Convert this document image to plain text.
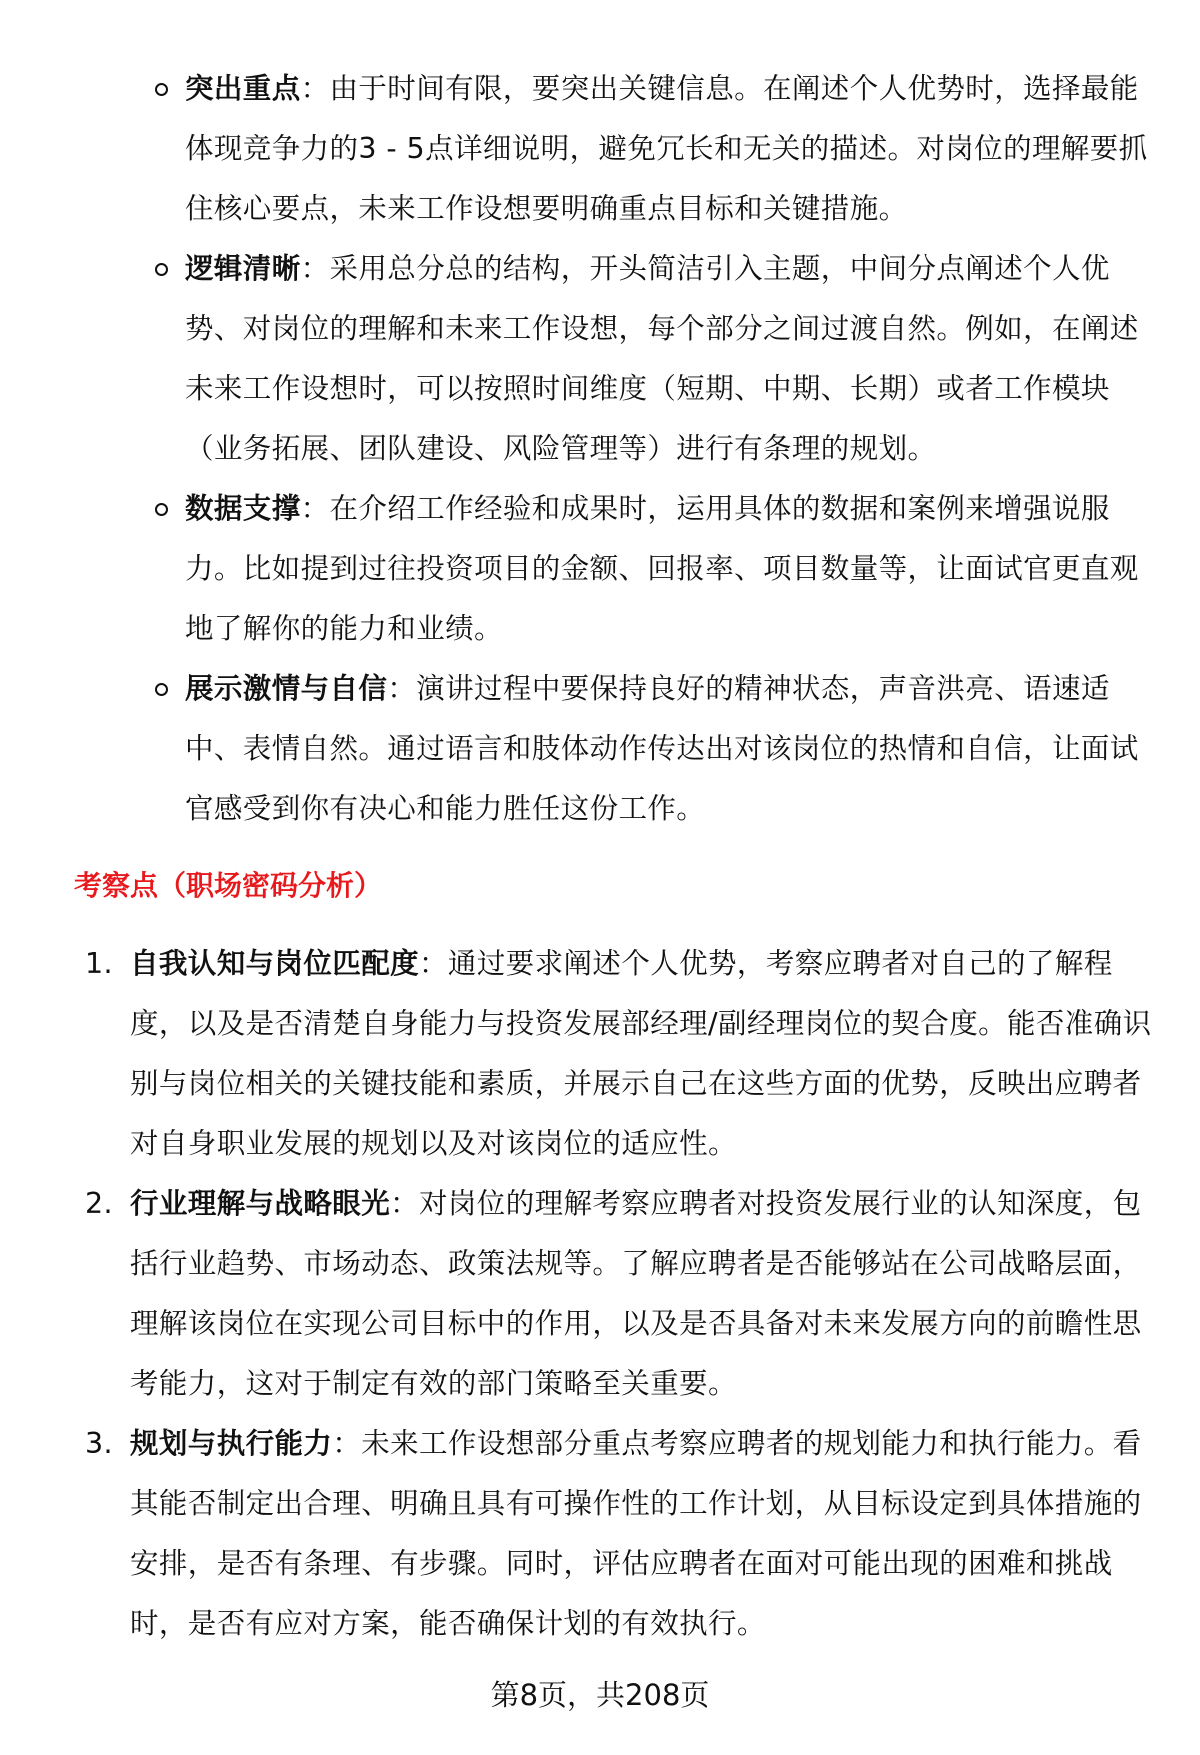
突出重点：由于时间有限，要突出关键信息。在阐述个人优势时，选择最能体现竞争力的3 - 5点详细说明，避免冗长和无关的描述。对岗位的理解要抓住核心要点，未来工作设想要明确重点目标和关键措施。
逻辑清晰：采用总分总的结构，开头简洁引入主题，中间分点阐述个人优势、对岗位的理解和未来工作设想，每个部分之间过渡自然。例如，在阐述未来工作设想时，可以按照时间维度（短期、中期、长期）或者工作模块（业务拓展、团队建设、风险管理等）进行有条理的规划。
数据支撑：在介绍工作经验和成果时，运用具体的数据和案例来增强说服力。比如提到过往投资项目的金额、回报率、项目数量等，让面试官更直观地了解你的能力和业绩。
展示激情与自信：演讲过程中要保持良好的精神状态，声音洪亮、语速适中、表情自然。通过语言和肢体动作传达出对该岗位的热情和自信，让面试官感受到你有决心和能力胜任这份工作。
考察点（职场密码分析）
1. 自我认知与岗位匹配度：通过要求阐述个人优势，考察应聘者对自己的了解程度，以及是否清楚自身能力与投资发展部经理/副经理岗位的契合度。能否准确识别与岗位相关的关键技能和素质，并展示自己在这些方面的优势，反映出应聘者对自身职业发展的规划以及对该岗位的适应性。
2. 行业理解与战略眼光：对岗位的理解考察应聘者对投资发展行业的认知深度，包括行业趋势、市场动态、政策法规等。了解应聘者是否能够站在公司战略层面，理解该岗位在实现公司目标中的作用，以及是否具备对未来发展方向的前瞻性思考能力，这对于制定有效的部门策略至关重要。
3. 规划与执行能力：未来工作设想部分重点考察应聘者的规划能力和执行能力。看其能否制定出合理、明确且具有可操作性的工作计划，从目标设定到具体措施的安排，是否有条理、有步骤。同时，评估应聘者在面对可能出现的困难和挑战时，是否有应对方案，能否确保计划的有效执行。
第8页，共208页
